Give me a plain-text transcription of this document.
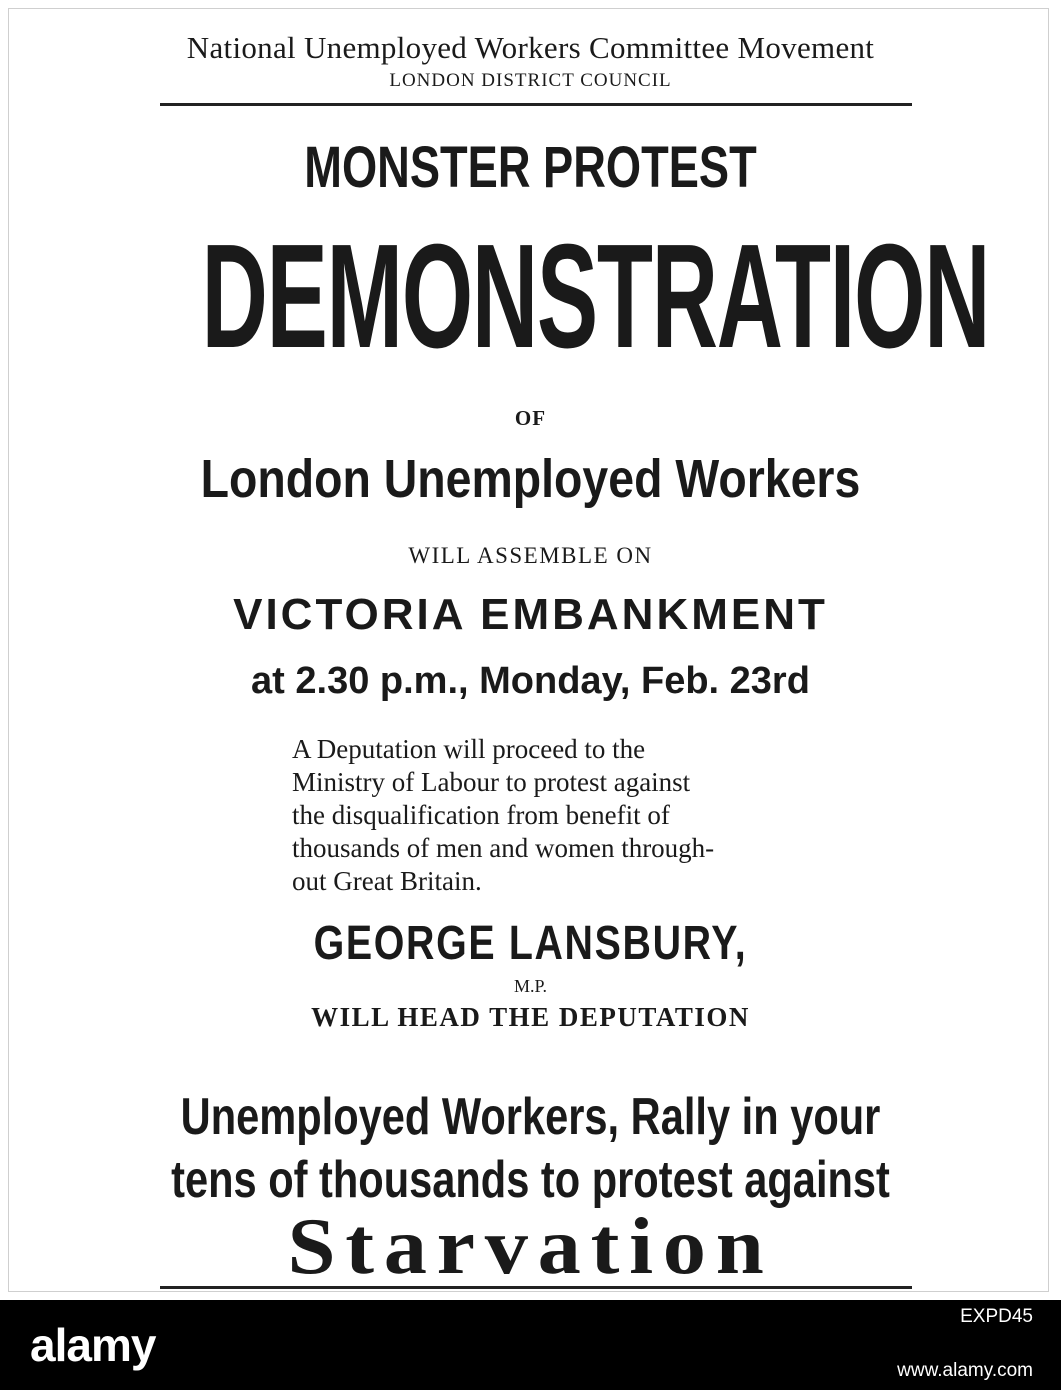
National Unemployed Workers Committee Movement
LONDON DISTRICT COUNCIL
MONSTER PROTEST
DEMONSTRATION
OF
London Unemployed Workers
WILL ASSEMBLE ON
VICTORIA EMBANKMENT
at 2.30 p.m., Monday, Feb. 23rd
A Deputation will proceed to the
Ministry of Labour to protest against
the disqualification from benefit of
thousands of men and women through-
out Great Britain.
GEORGE LANSBURY,
M.P.
WILL HEAD THE DEPUTATION
Unemployed Workers, Rally in your
tens of thousands to protest against
Starvation
alamy
EXPD45
www.alamy.com
